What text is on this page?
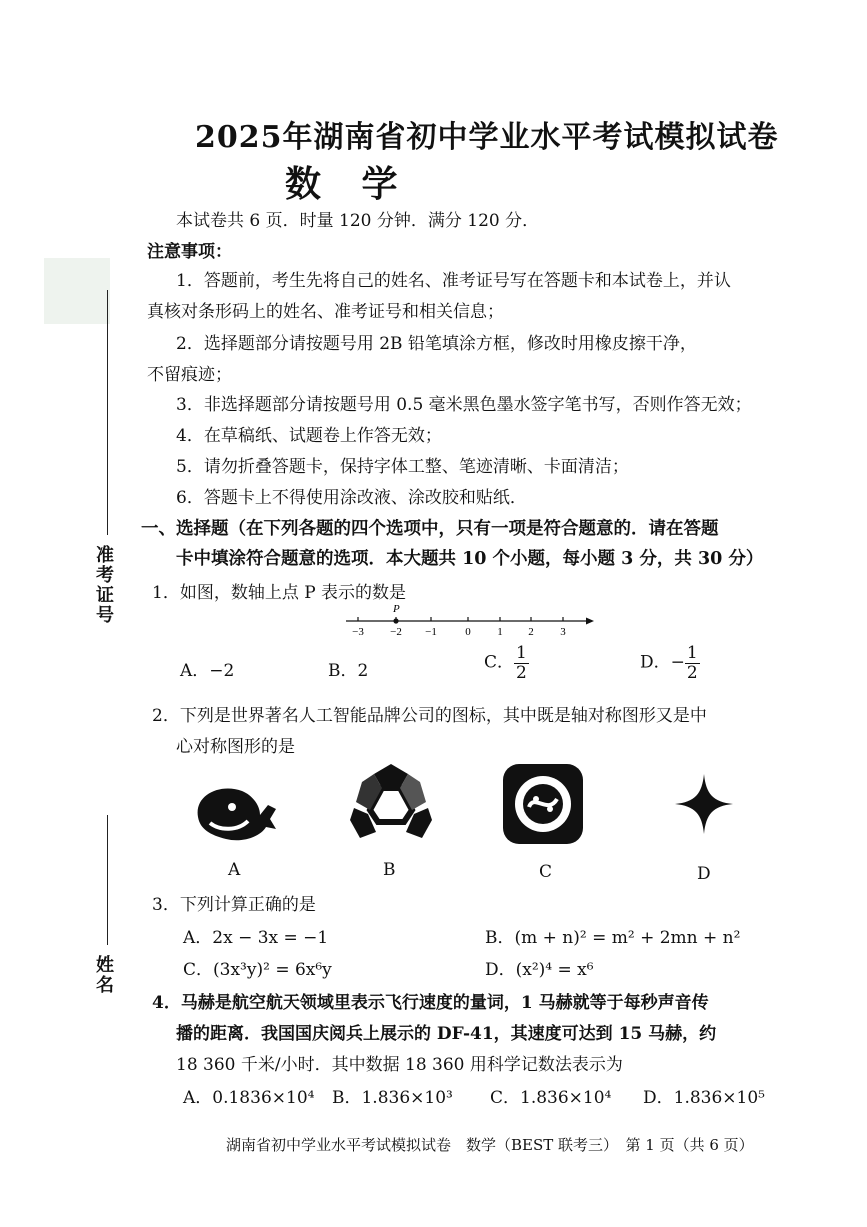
2025年湖南省初中学业水平考试模拟试卷
数 学
本试卷共 6 页．时量 120 分钟．满分 120 分．
注意事项：
1．答题前，考生先将自己的姓名、准考证号写在答题卡和本试卷上，并认
真核对条形码上的姓名、准考证号和相关信息；
2．选择题部分请按题号用 2B 铅笔填涂方框，修改时用橡皮擦干净，
不留痕迹；
3．非选择题部分请按题号用 0.5 毫米黑色墨水签字笔书写，否则作答无效；
4．在草稿纸、试题卷上作答无效；
5．请勿折叠答题卡，保持字体工整、笔迹清晰、卡面清洁；
6．答题卡上不得使用涂改液、涂改胶和贴纸．
准考证号
姓名
一、选择题（在下列各题的四个选项中，只有一项是符合题意的．请在答题
卡中填涂符合题意的选项．本大题共 10 个小题，每小题 3 分，共 30 分）
1．如图，数轴上点 P 表示的数是
P
−3 −2 −1	0 1 2 3
A．−2	B．2	C． $\frac{1}{2}$	D．− $\frac{1}{2}$
2．下列是世界著名人工智能品牌公司的图标，其中既是轴对称图形又是中
心对称图形的是
A	B	C	D
3．下列计算正确的是
A．2x − 3x = −1	B．(m + n)² = m² + 2mn + n²
C．(3x³y)² = 6x⁶y	D．(x²)⁴ = x⁶
4．马赫是航空航天领域里表示飞行速度的量词，1 马赫就等于每秒声音传
播的距离．我国国庆阅兵上展示的 DF-41，其速度可达到 15 马赫，约
18 360 千米/小时．其中数据 18 360 用科学记数法表示为
A．0.1836×10⁴ B．1.836×10³ C．1.836×10⁴ D．1.836×10⁵
湖南省初中学业水平考试模拟试卷　数学（BEST 联考三）　第 1 页（共 6 页）
